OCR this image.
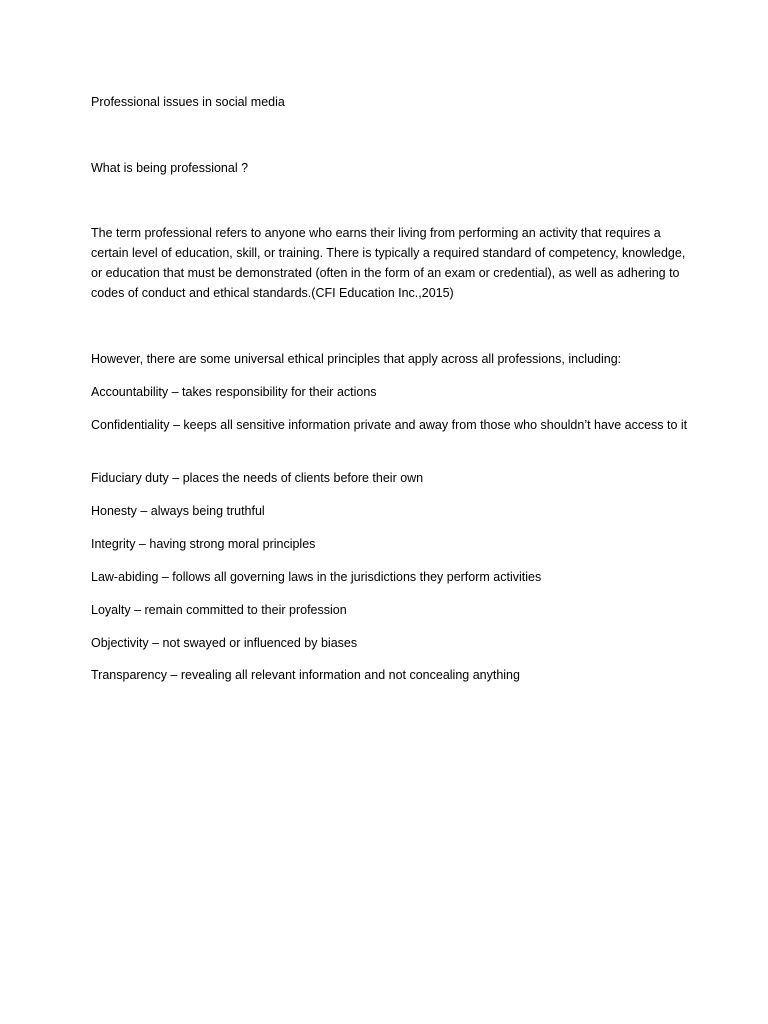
Professional issues in social media
What is being professional ?
The term professional refers to anyone who earns their living from performing an activity that requires a certain level of education, skill, or training. There is typically a required standard of competency, knowledge, or education that must be demonstrated (often in the form of an exam or credential), as well as adhering to codes of conduct and ethical standards.(CFI Education Inc.,2015)
However, there are some universal ethical principles that apply across all professions, including:
Accountability – takes responsibility for their actions
Confidentiality – keeps all sensitive information private and away from those who shouldn’t have access to it
Fiduciary duty – places the needs of clients before their own
Honesty – always being truthful
Integrity – having strong moral principles
Law-abiding – follows all governing laws in the jurisdictions they perform activities
Loyalty – remain committed to their profession
Objectivity – not swayed or influenced by biases
Transparency – revealing all relevant information and not concealing anything
